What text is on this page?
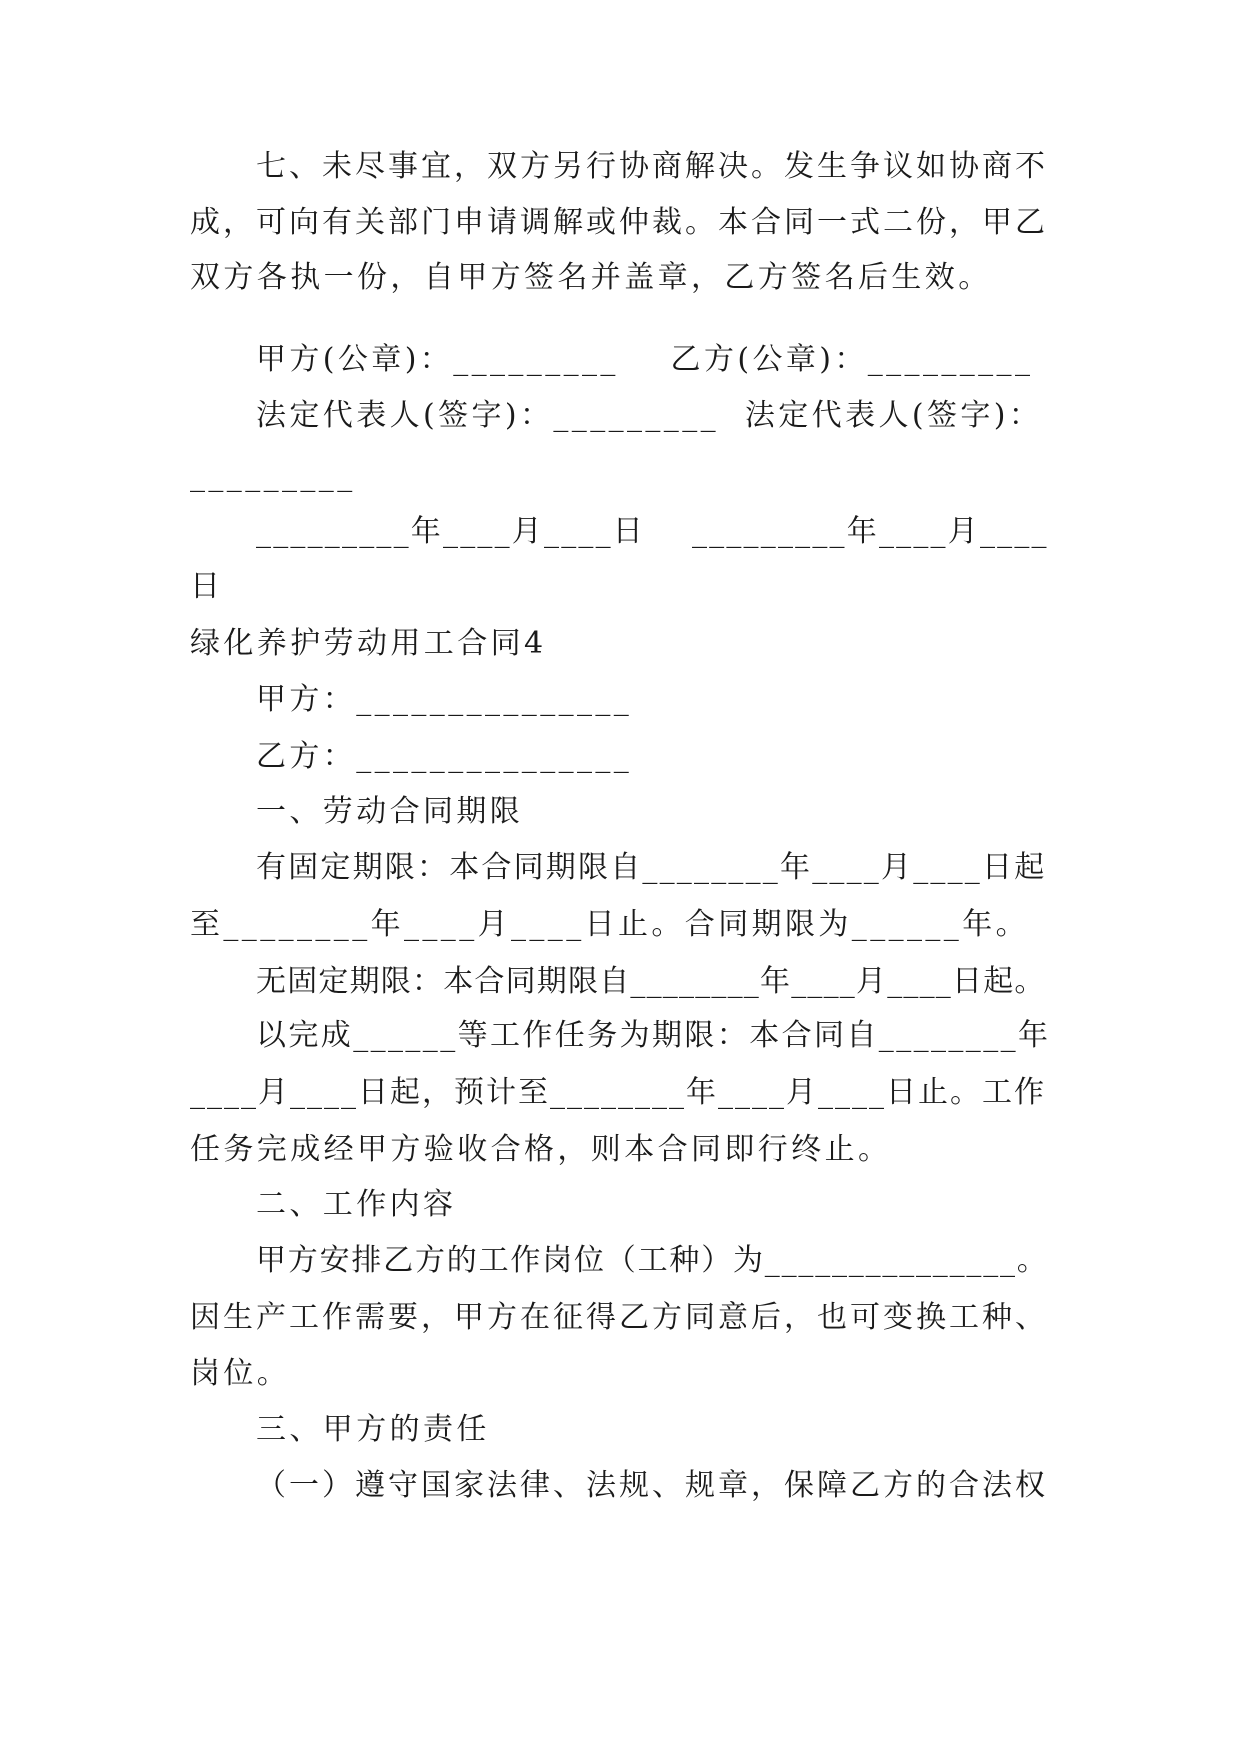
七、未尽事宜，双方另行协商解决。发生争议如协商不
成，可向有关部门申请调解或仲裁。本合同一式二份，甲乙
双方各执一份，自甲方签名并盖章，乙方签名后生效。
甲方(公章)：_________    乙方(公章)：_________
法定代表人(签字)：_________  法定代表人(签字)：
_________
_________年____月____日    _________年____月____
日
绿化养护劳动用工合同4
甲方：_______________
乙方：_______________
一、劳动合同期限
有固定期限：本合同期限自________年____月____日起
至________年____月____日止。合同期限为______年。
无固定期限：本合同期限自________年____月____日起。
以完成______等工作任务为期限：本合同自________年
____月____日起，预计至________年____月____日止。工作
任务完成经甲方验收合格，则本合同即行终止。
二、工作内容
甲方安排乙方的工作岗位（工种）为_______________。
因生产工作需要，甲方在征得乙方同意后，也可变换工种、
岗位。
三、甲方的责任
（一）遵守国家法律、法规、规章，保障乙方的合法权
